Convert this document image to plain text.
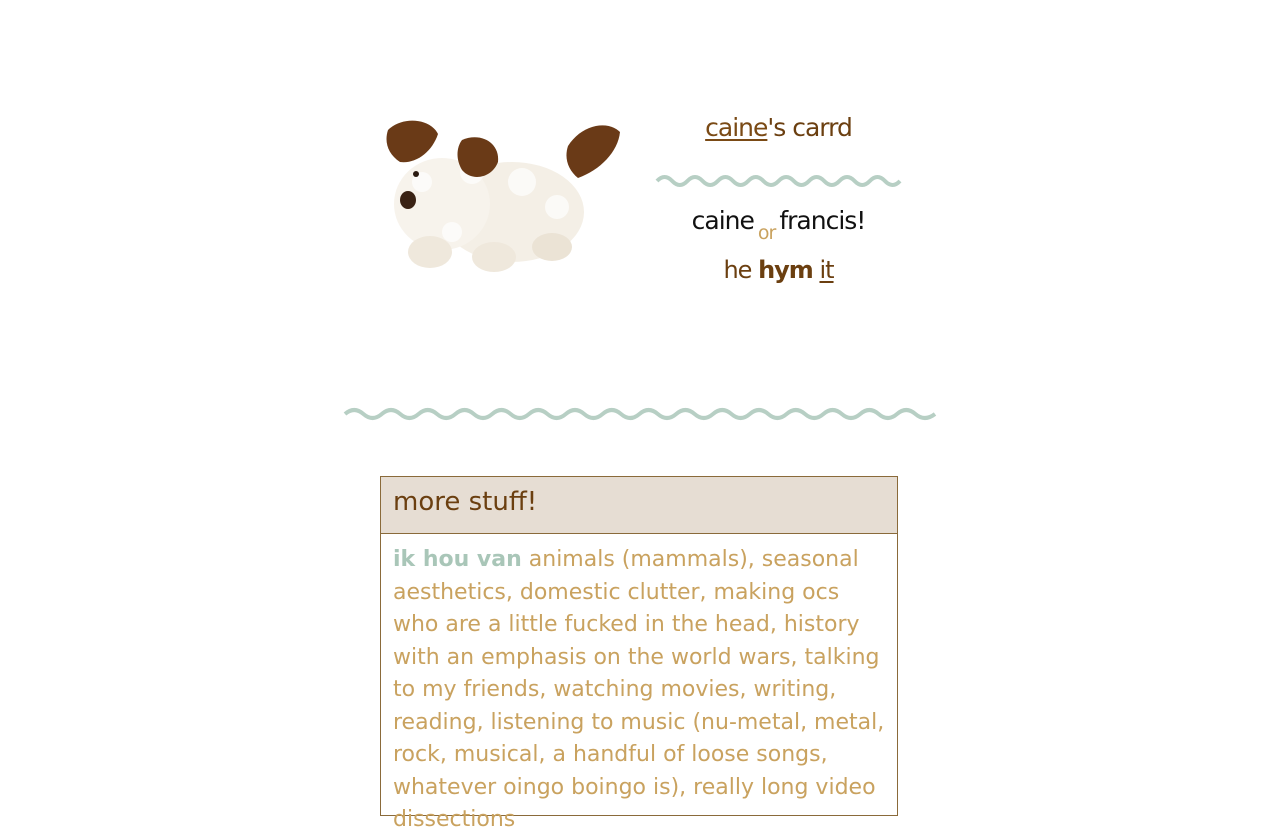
caine's carrd
caine $_{or}$ francis!
he hym it
more stuff!
ik hou van animals (mammals), seasonal aesthetics, domestic clutter, making ocs who are a little fucked in the head, history with an emphasis on the world wars, talking to my friends, watching movies, writing, reading, listening to music (nu-metal, metal, rock, musical, a handful of loose songs, whatever oingo boingo is), really long video dissections
